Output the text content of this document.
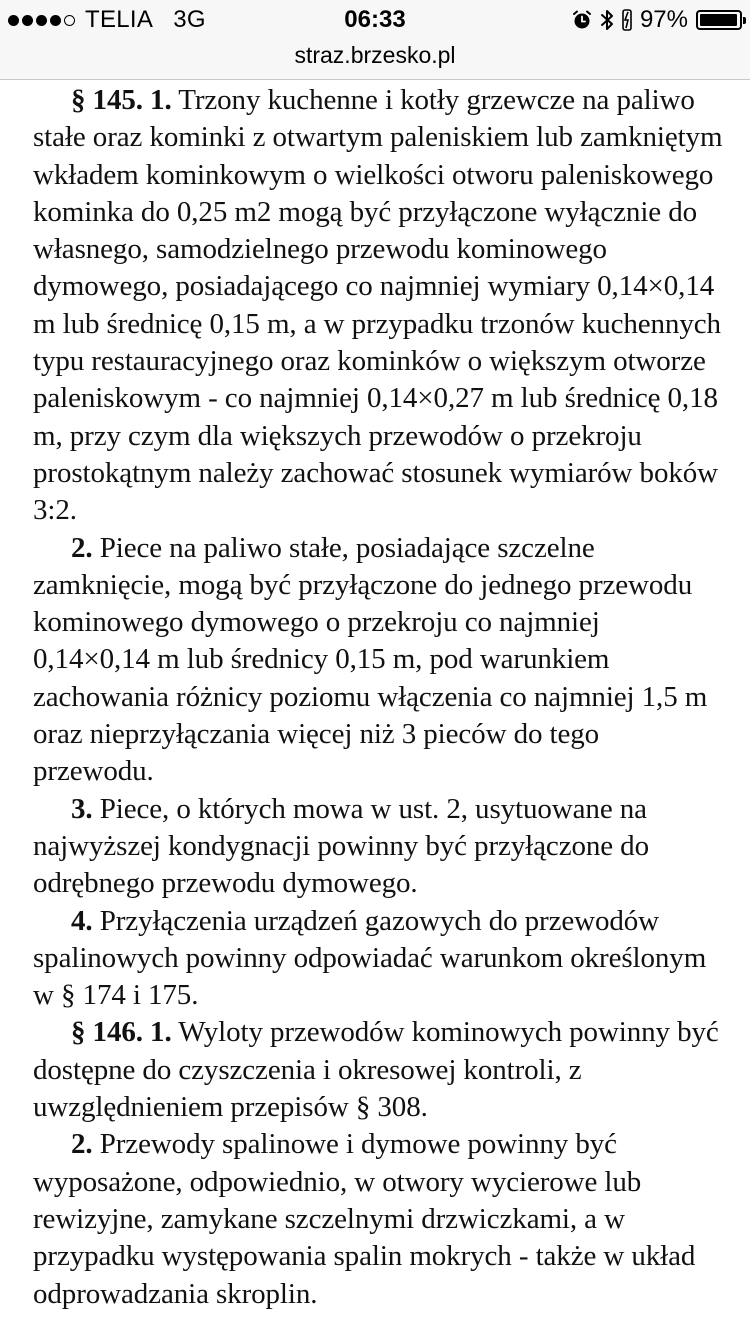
TELIA 3G	06:33	97%
straz.brzesko.pl

§ 145. 1. Trzony kuchenne i kotły grzewcze na paliwo stałe oraz kominki z otwartym paleniskiem lub zamkniętym wkładem kominkowym o wielkości otworu paleniskowego kominka do 0,25 m2 mogą być przyłączone wyłącznie do własnego, samodzielnego przewodu kominowego dymowego, posiadającego co najmniej wymiary 0,14×0,14 m lub średnicę 0,15 m, a w przypadku trzonów kuchennych typu restauracyjnego oraz kominków o większym otworze paleniskowym - co najmniej 0,14×0,27 m lub średnicę 0,18 m, przy czym dla większych przewodów o przekroju prostokątnym należy zachować stosunek wymiarów boków 3:2.

2. Piece na paliwo stałe, posiadające szczelne zamknięcie, mogą być przyłączone do jednego przewodu kominowego dymowego o przekroju co najmniej 0,14×0,14 m lub średnicy 0,15 m, pod warunkiem zachowania różnicy poziomu włączenia co najmniej 1,5 m oraz nieprzyłączania więcej niż 3 pieców do tego przewodu.

3. Piece, o których mowa w ust. 2, usytuowane na najwyższej kondygnacji powinny być przyłączone do odrębnego przewodu dymowego.

4. Przyłączenia urządzeń gazowych do przewodów spalinowych powinny odpowiadać warunkom określonym w § 174 i 175.

§ 146. 1. Wyloty przewodów kominowych powinny być dostępne do czyszczenia i okresowej kontroli, z uwzględnieniem przepisów § 308.

2. Przewody spalinowe i dymowe powinny być wyposażone, odpowiednio, w otwory wycierowe lub rewizyjne, zamykane szczelnymi drzwiczkami, a w przypadku występowania spalin mokrych - także w układ odprowadzania skroplin.
